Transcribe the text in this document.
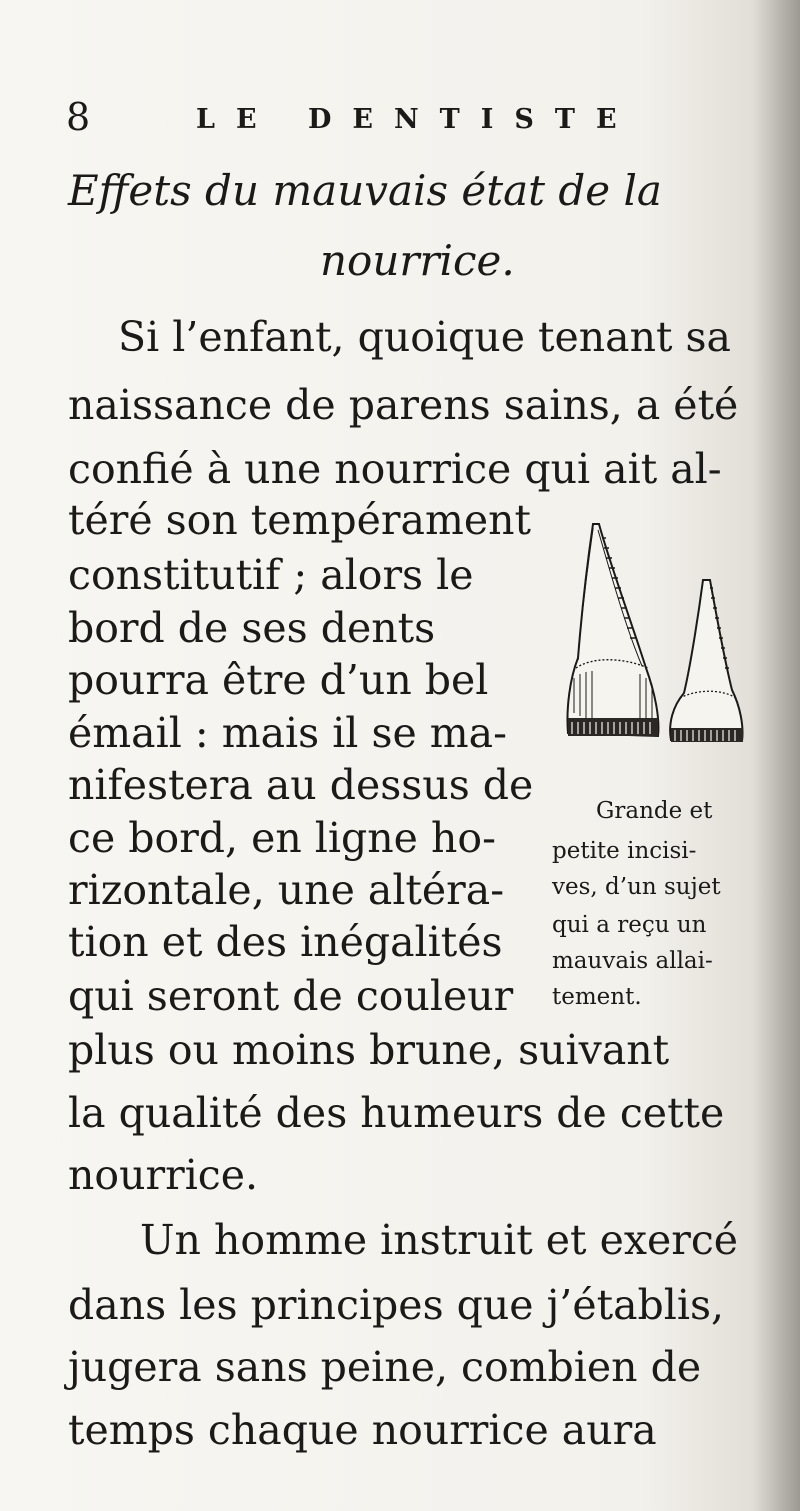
8	LE DENTISTE
Effets du mauvais état de la
nourrice.
Si l’enfant, quoique tenant sa
naissance de parens sains, a été
confié à une nourrice qui ait al-
téré son tempérament
constitutif ; alors le
bord de ses dents
pourra être d’un bel
émail : mais il se ma-
nifestera au dessus de
ce bord, en ligne ho-
rizontale, une altéra-
tion et des inégalités
qui seront de couleur
plus ou moins brune, suivant
la qualité des humeurs de cette
nourrice.
Grande et
petite incisi-
ves, d’un sujet
qui a reçu un
mauvais allai-
tement.
Un homme instruit et exercé
dans les principes que j’établis,
jugera sans peine, combien de
temps chaque nourrice aura
